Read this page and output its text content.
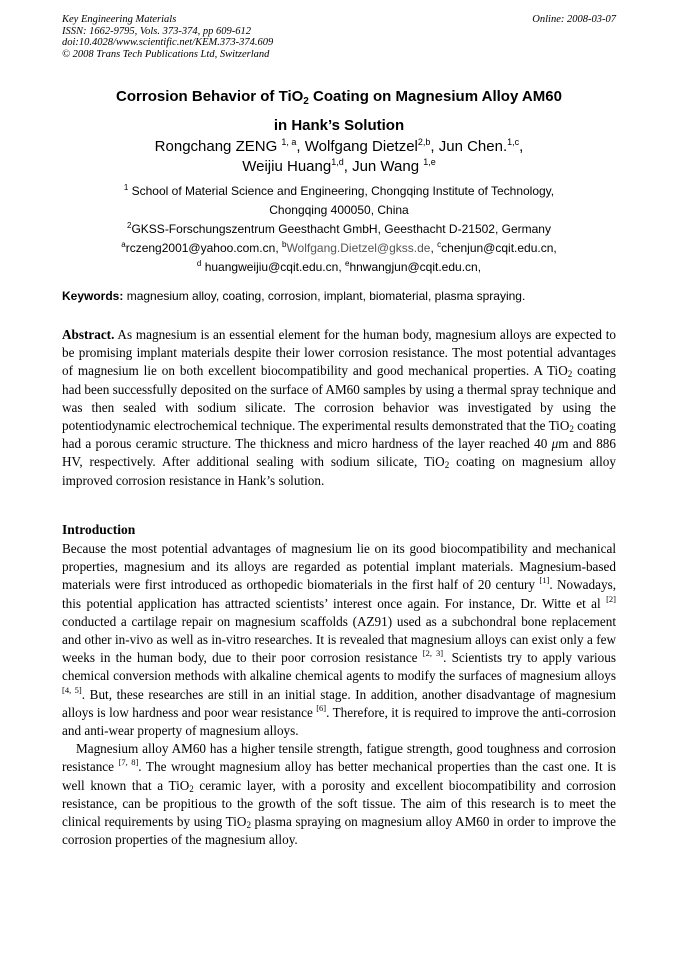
Key Engineering Materials
ISSN: 1662-9795, Vols. 373-374, pp 609-612
doi:10.4028/www.scientific.net/KEM.373-374.609
© 2008 Trans Tech Publications Ltd, Switzerland
Online: 2008-03-07
Corrosion Behavior of TiO$_2$ Coating on Magnesium Alloy AM60
in Hank’s Solution
Rongchang ZENG $^{1, a}$, Wolfgang Dietzel$^{2,b}$, Jun Chen.$^{1,c}$,
Weijiu Huang$^{1,d}$, Jun Wang $^{1,e}$
$^1$ School of Material Science and Engineering, Chongqing Institute of Technology,
Chongqing 400050, China
$^2$GKSS-Forschungszentrum Geesthacht GmbH, Geesthacht D-21502, Germany
$^a$rczeng2001@yahoo.com.cn, $^b$Wolfgang.Dietzel@gkss.de, $^c$chenjun@cqit.edu.cn,
$^d$ huangweijiu@cqit.edu.cn, $^e$hnwangjun@cqit.edu.cn,
Keywords: magnesium alloy, coating, corrosion, implant, biomaterial, plasma spraying.
Abstract. As magnesium is an essential element for the human body, magnesium alloys are expected to be promising implant materials despite their lower corrosion resistance. The most potential advantages of magnesium lie on both excellent biocompatibility and good mechanical properties. A TiO$_2$ coating had been successfully deposited on the surface of AM60 samples by using a thermal spray technique and was then sealed with sodium silicate. The corrosion behavior was investigated by using the potentiodynamic electrochemical technique. The experimental results demonstrated that the TiO$_2$ coating had a porous ceramic structure. The thickness and micro hardness of the layer reached 40 μm and 886 HV, respectively. After additional sealing with sodium silicate, TiO$_2$ coating on magnesium alloy improved corrosion resistance in Hank’s solution.
Introduction

Because the most potential advantages of magnesium lie on its good biocompatibility and mechanical properties, magnesium and its alloys are regarded as potential implant materials. Magnesium-based materials were first introduced as orthopedic biomaterials in the first half of 20 century [1]. Nowadays, this potential application has attracted scientists’ interest once again. For instance, Dr. Witte et al [2] conducted a cartilage repair on magnesium scaffolds (AZ91) used as a subchondral bone replacement and other in-vivo as well as in-vitro researches. It is revealed that magnesium alloys can exist only a few weeks in the human body, due to their poor corrosion resistance [2, 3]. Scientists try to apply various chemical conversion methods with alkaline chemical agents to modify the surfaces of magnesium alloys [4, 5]. But, these researches are still in an initial stage. In addition, another disadvantage of magnesium alloys is low hardness and poor wear resistance [6]. Therefore, it is required to improve the anti-corrosion and anti-wear property of magnesium alloys.

Magnesium alloy AM60 has a higher tensile strength, fatigue strength, good toughness and corrosion resistance [7, 8]. The wrought magnesium alloy has better mechanical properties than the cast one. It is well known that a TiO$_2$ ceramic layer, with a porosity and excellent biocompatibility and corrosion resistance, can be propitious to the growth of the soft tissue. The aim of this research is to meet the clinical requirements by using TiO$_2$ plasma spraying on magnesium alloy AM60 in order to improve the corrosion properties of the magnesium alloy.
